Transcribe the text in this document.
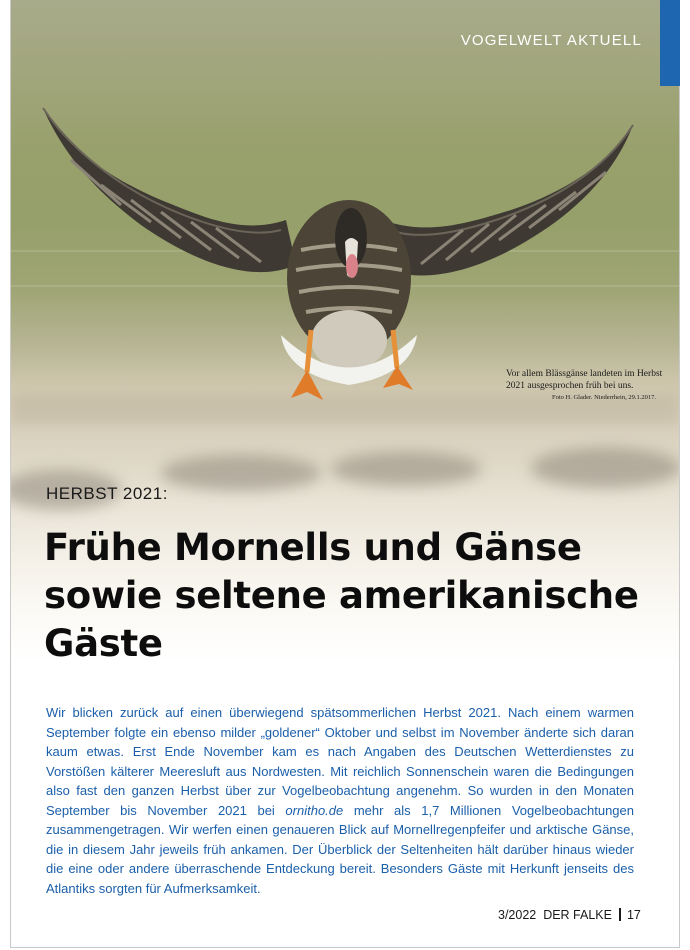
VOGELWELT AKTUELL
Vor allem Blässgänse landeten im Herbst 2021 ausgesprochen früh bei uns.
Foto H. Glader. Niederrhein, 29.1.2017.
HERBST 2021:
Frühe Mornells und Gänse sowie seltene amerikanische Gäste

Wir blicken zurück auf einen überwiegend spätsommerlichen Herbst 2021. Nach einem warmen September folgte ein ebenso milder „goldener“ Oktober und selbst im November änderte sich daran kaum etwas. Erst Ende November kam es nach Angaben des Deutschen Wetterdienstes zu Vorstößen kälterer Meeresluft aus Nordwesten. Mit reichlich Sonnenschein waren die Bedingungen also fast den ganzen Herbst über zur Vogelbeobachtung angenehm. So wurden in den Monaten September bis November 2021 bei ornitho.de mehr als 1,7 Millionen Vogelbeobachtungen zusammengetragen. Wir werfen einen genaueren Blick auf Mornellregenpfeifer und arktische Gänse, die in diesem Jahr jeweils früh ankamen. Der Überblick der Seltenheiten hält darüber hinaus wieder die eine oder andere überraschende Entdeckung bereit. Besonders Gäste mit Herkunft jenseits des Atlantiks sorgten für Aufmerksamkeit.

3/2022 DER FALKE 17
